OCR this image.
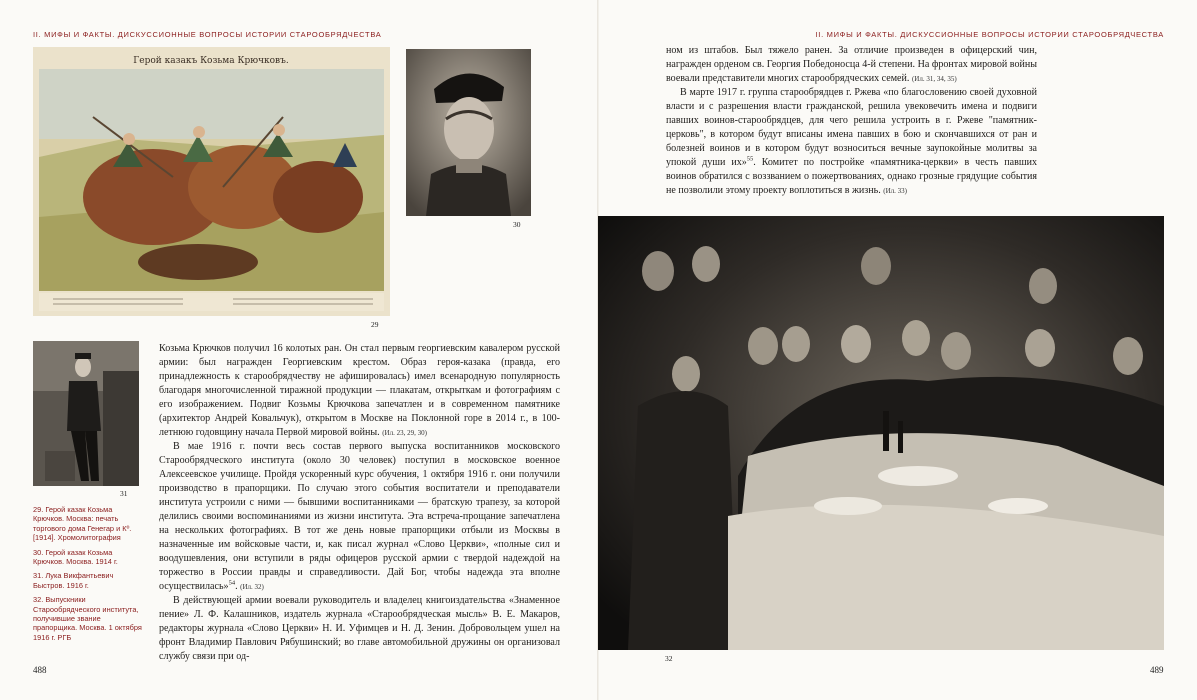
II. МИФЫ И ФАКТЫ. ДИСКУССИОННЫЕ ВОПРОСЫ ИСТОРИИ СТАРООБРЯДЧЕСТВА
Герой казакъ Козьма Крючковъ.
29
30
31
29. Герой казак Козьма Крючков. Москва: печать торгового дома Генегар и Кº. [1914]. Хромолитография
30. Герой казак Козьма Крючков. Москва. 1914 г.
31. Лука Викфантьевич Быстров. 1916 г.
32. Выпускники Старообрядческого института, получившие звание прапорщика. Москва. 1 октября 1916 г. РГБ

Козьма Крючков получил 16 колотых ран. Он стал первым георгиевским кавалером русской армии: был награжден Георгиевским крестом. Образ героя-казака (правда, его принадлежность к старообрядчеству не афишировалась) имел всенародную популярность благодаря многочисленной тиражной продукции — плакатам, открыткам и фотографиям с его изображением. Подвиг Козьмы Крючкова запечатлен и в современном памятнике (архитектор Андрей Ковальчук), открытом в Москве на Поклонной горе в 2014 г., в 100-летнюю годовщину начала Первой мировой войны. (Ил. 23, 29, 30)

В мае 1916 г. почти весь состав первого выпуска воспитанников московского Старообрядческого института (около 30 человек) поступил в московское военное Алексеевское училище. Пройдя ускоренный курс обучения, 1 октября 1916 г. они получили производство в прапорщики. По случаю этого события воспитатели и преподаватели института устроили с ними — бывшими воспитанниками — братскую трапезу, за которой делились своими воспоминаниями из жизни института. Эта встреча-прощание запечатлена на нескольких фотографиях. В тот же день новые прапорщики отбыли из Москвы в назначенные им войсковые части, и, как писал журнал «Слово Церкви», «полные сил и воодушевления, они вступили в ряды офицеров русской армии с твердой надеждой на торжество в России правды и справедливости. Дай Бог, чтобы надежда эта вполне осуществилась»$^{54}$. (Ил. 32)

В действующей армии воевали руководитель и владелец книгоиздательства «Знаменное пение» Л. Ф. Калашников, издатель журнала «Старообрядческая мысль» В. Е. Макаров, редакторы журнала «Слово Церкви» Н. И. Уфимцев и Н. Д. Зенин. Добровольцем ушел на фронт Владимир Павлович Рябушинский; во главе автомобильной дружины он организовал службу связи при од-

488
II. МИФЫ И ФАКТЫ. ДИСКУССИОННЫЕ ВОПРОСЫ ИСТОРИИ СТАРООБРЯДЧЕСТВА

ном из штабов. Был тяжело ранен. За отличие произведен в офицерский чин, награжден орденом св. Георгия Победоносца 4-й степени. На фронтах мировой войны воевали представители многих старообрядческих семей. (Ил. 31, 34, 35)

В марте 1917 г. группа старообрядцев г. Ржева «по благословению своей духовной власти и с разрешения власти гражданской, решила увековечить имена и подвиги павших воинов-старообрядцев, для чего решила устроить в г. Ржеве "памятник-церковь", в котором будут вписаны имена павших в бою и скончавшихся от ран и болезней воинов и в котором будут возноситься вечные заупокойные молитвы за упокой души их»$^{55}$. Комитет по постройке «памятника-церкви» в честь павших воинов обратился с воззванием о пожертвованиях, однако грозные грядущие события не позволили этому проекту воплотиться в жизнь. (Ил. 33)

32
489
